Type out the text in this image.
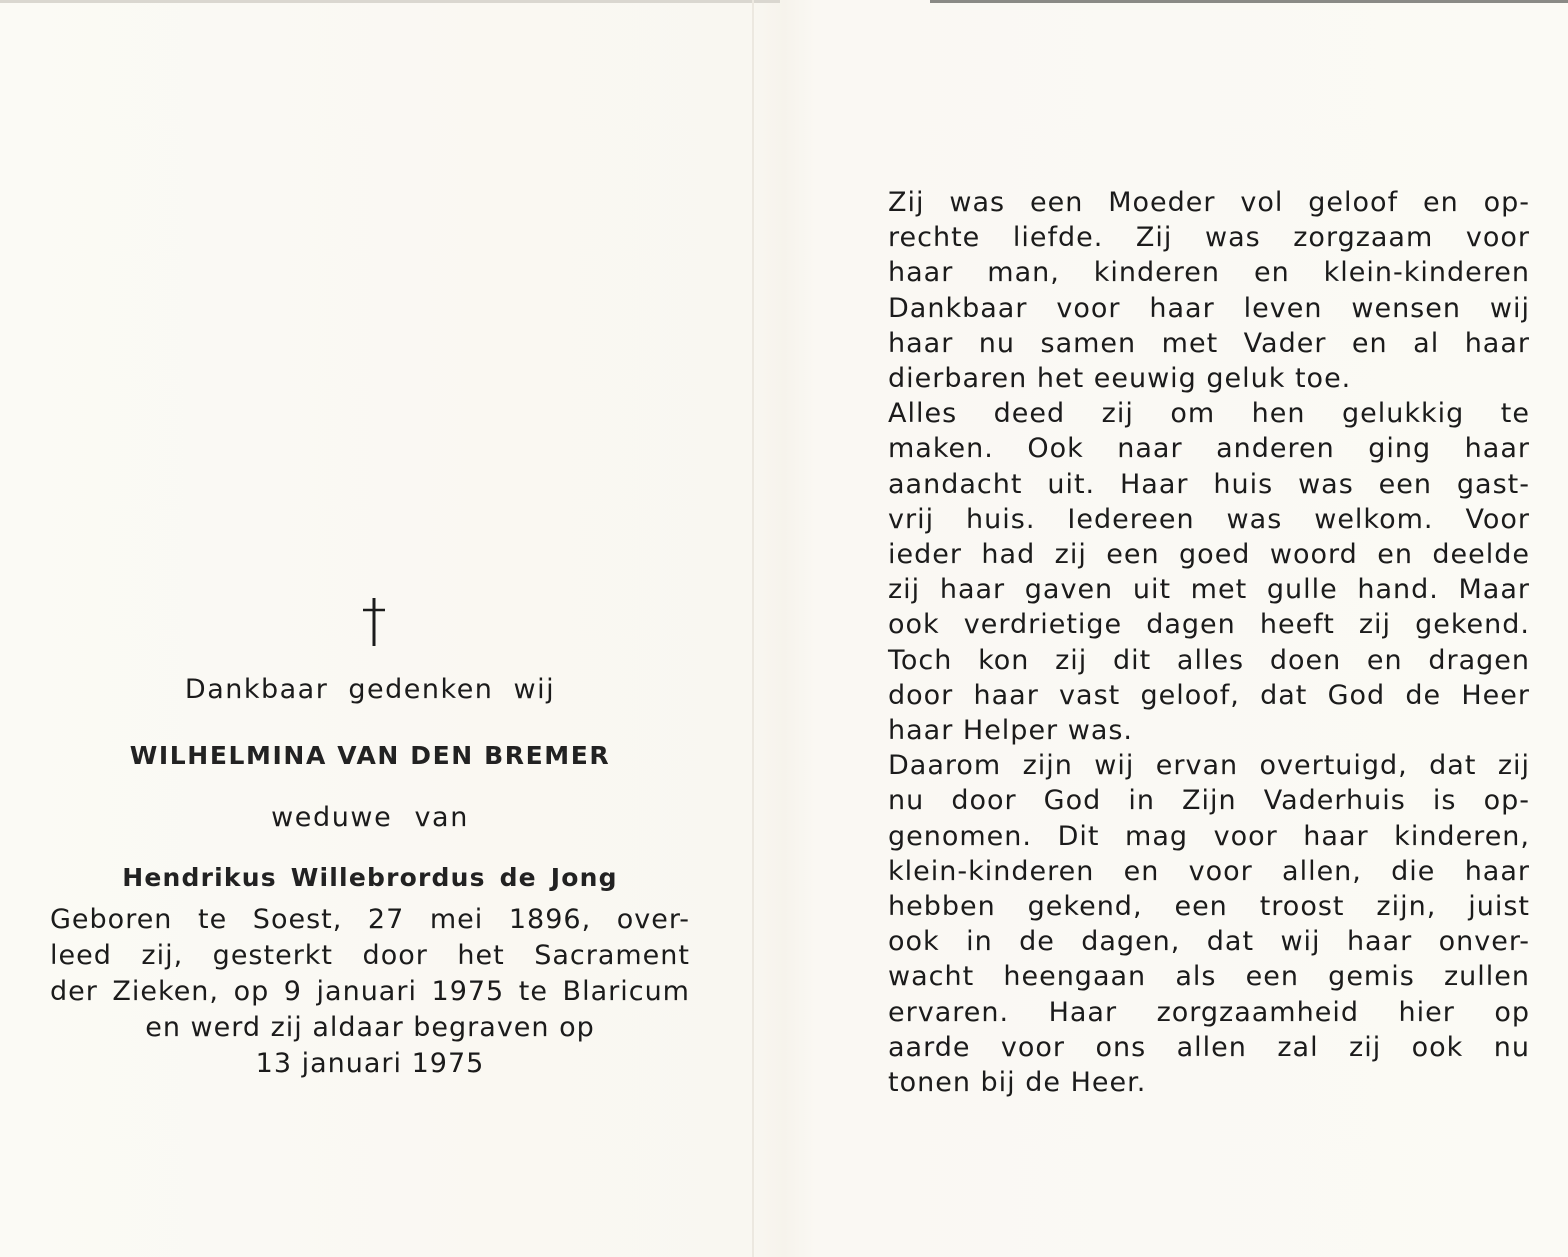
Dankbaar gedenken wij
WILHELMINA VAN DEN BREMER
weduwe van
Hendrikus Willebrordus de Jong
Geboren te Soest, 27 mei 1896, over-
leed zij, gesterkt door het Sacrament
der Zieken, op 9 januari 1975 te Blaricum
en werd zij aldaar begraven op
13 januari 1975
Zij was een Moeder vol geloof en op-
rechte liefde. Zij was zorgzaam voor
haar man, kinderen en klein-kinderen
Dankbaar voor haar leven wensen wij
haar nu samen met Vader en al haar
dierbaren het eeuwig geluk toe.
Alles deed zij om hen gelukkig te
maken. Ook naar anderen ging haar
aandacht uit. Haar huis was een gast-
vrij huis. Iedereen was welkom. Voor
ieder had zij een goed woord en deelde
zij haar gaven uit met gulle hand. Maar
ook verdrietige dagen heeft zij gekend.
Toch kon zij dit alles doen en dragen
door haar vast geloof, dat God de Heer
haar Helper was.
Daarom zijn wij ervan overtuigd, dat zij
nu door God in Zijn Vaderhuis is op-
genomen. Dit mag voor haar kinderen,
klein-kinderen en voor allen, die haar
hebben gekend, een troost zijn, juist
ook in de dagen, dat wij haar onver-
wacht heengaan als een gemis zullen
ervaren. Haar zorgzaamheid hier op
aarde voor ons allen zal zij ook nu
tonen bij de Heer.
